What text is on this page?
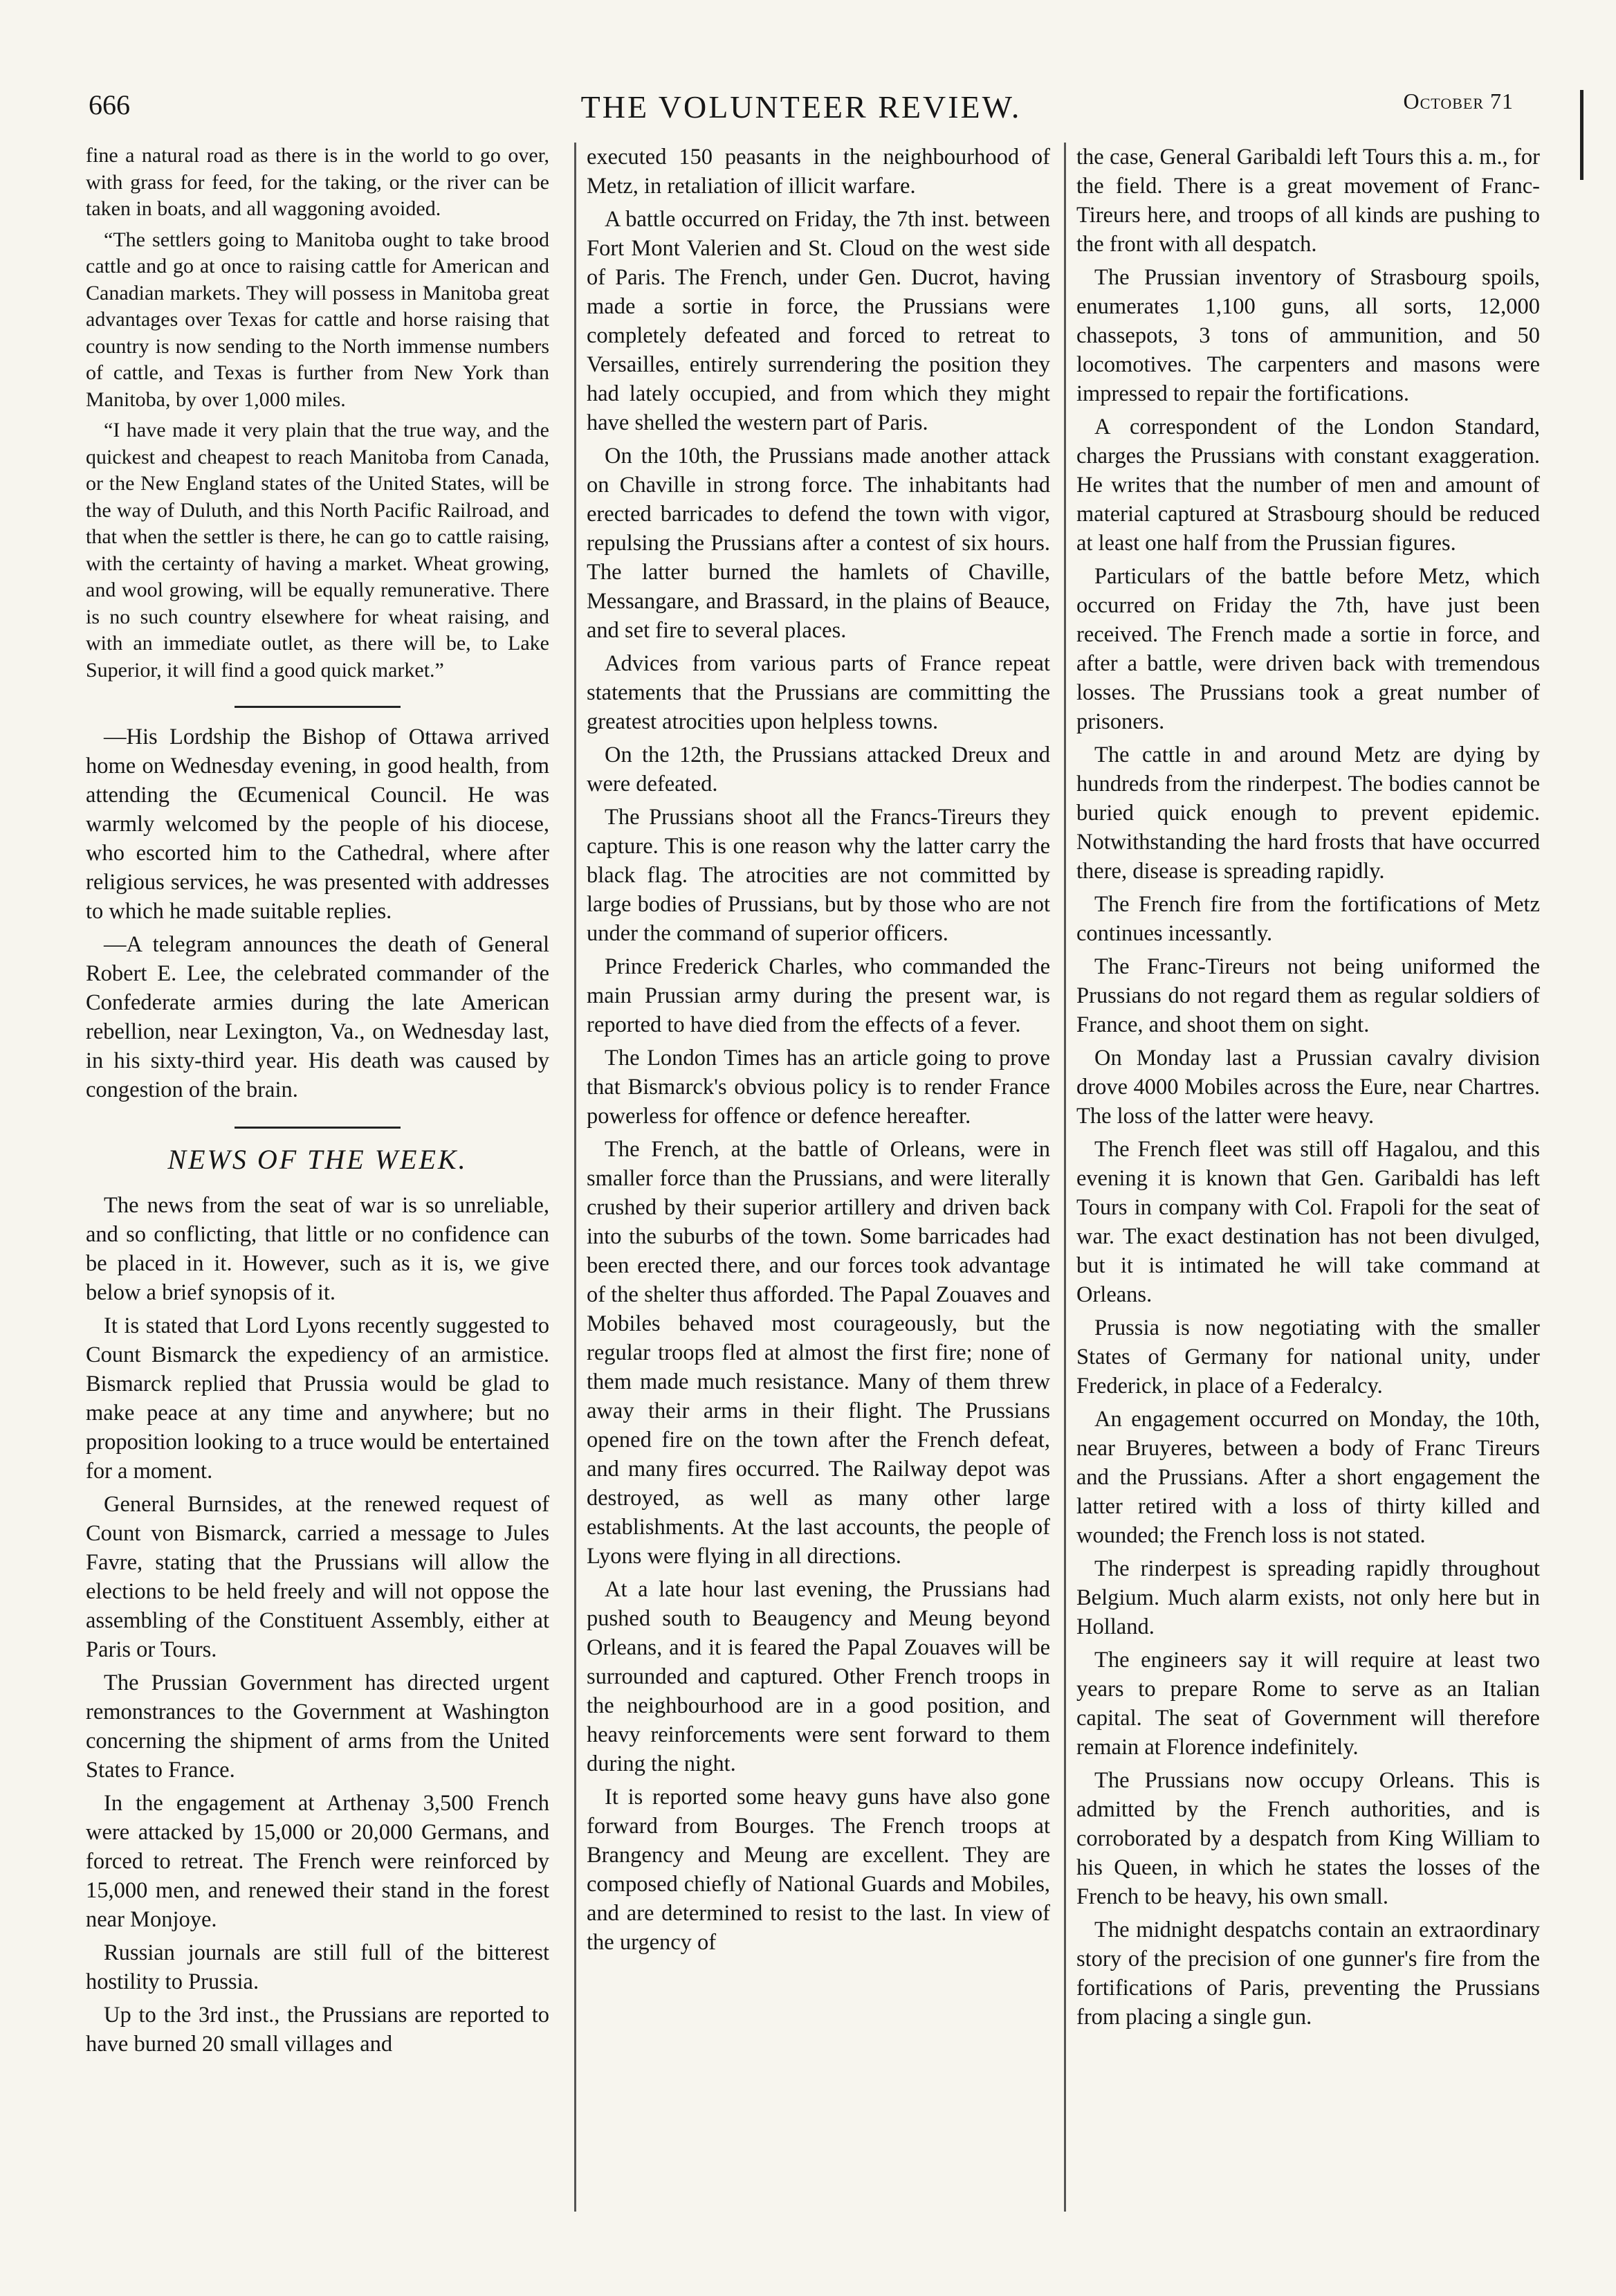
666	THE VOLUNTEER REVIEW.	October 71

fine a natural road as there is in the world to go over, with grass for feed, for the taking, or the river can be taken in boats, and all waggoning avoided.

“The settlers going to Manitoba ought to take brood cattle and go at once to raising cattle for American and Canadian markets. They will possess in Manitoba great advantages over Texas for cattle and horse raising that country is now sending to the North immense numbers of cattle, and Texas is further from New York than Manitoba, by over 1,000 miles.

“I have made it very plain that the true way, and the quickest and cheapest to reach Manitoba from Canada, or the New England states of the United States, will be the way of Duluth, and this North Pacific Railroad, and that when the settler is there, he can go to cattle raising, with the certainty of having a market. Wheat growing, and wool growing, will be equally remunerative. There is no such country elsewhere for wheat raising, and with an immediate outlet, as there will be, to Lake Superior, it will find a good quick market.”

—His Lordship the Bishop of Ottawa arrived home on Wednesday evening, in good health, from attending the Œcumenical Council. He was warmly welcomed by the people of his diocese, who escorted him to the Cathedral, where after religious services, he was presented with addresses to which he made suitable replies.

—A telegram announces the death of General Robert E. Lee, the celebrated commander of the Confederate armies during the late American rebellion, near Lexington, Va., on Wednesday last, in his sixty-third year. His death was caused by congestion of the brain.

NEWS OF THE WEEK.

The news from the seat of war is so unreliable, and so conflicting, that little or no confidence can be placed in it. However, such as it is, we give below a brief synopsis of it.

It is stated that Lord Lyons recently suggested to Count Bismarck the expediency of an armistice. Bismarck replied that Prussia would be glad to make peace at any time and anywhere; but no proposition looking to a truce would be entertained for a moment.

General Burnsides, at the renewed request of Count von Bismarck, carried a message to Jules Favre, stating that the Prussians will allow the elections to be held freely and will not oppose the assembling of the Constituent Assembly, either at Paris or Tours.

The Prussian Government has directed urgent remonstrances to the Government at Washington concerning the shipment of arms from the United States to France.

In the engagement at Arthenay 3,500 French were attacked by 15,000 or 20,000 Germans, and forced to retreat. The French were reinforced by 15,000 men, and renewed their stand in the forest near Monjoye.

Russian journals are still full of the bitterest hostility to Prussia.

Up to the 3rd inst., the Prussians are reported to have burned 20 small villages and

executed 150 peasants in the neighbourhood of Metz, in retaliation of illicit warfare.

A battle occurred on Friday, the 7th inst. between Fort Mont Valerien and St. Cloud on the west side of Paris. The French, under Gen. Ducrot, having made a sortie in force, the Prussians were completely defeated and forced to retreat to Versailles, entirely surrendering the position they had lately occupied, and from which they might have shelled the western part of Paris.

On the 10th, the Prussians made another attack on Chaville in strong force. The inhabitants had erected barricades to defend the town with vigor, repulsing the Prussians after a contest of six hours. The latter burned the hamlets of Chaville, Messangare, and Brassard, in the plains of Beauce, and set fire to several places.

Advices from various parts of France repeat statements that the Prussians are committing the greatest atrocities upon helpless towns.

On the 12th, the Prussians attacked Dreux and were defeated.

The Prussians shoot all the Francs-Tireurs they capture. This is one reason why the latter carry the black flag. The atrocities are not committed by large bodies of Prussians, but by those who are not under the command of superior officers.

Prince Frederick Charles, who commanded the main Prussian army during the present war, is reported to have died from the effects of a fever.

The London Times has an article going to prove that Bismarck's obvious policy is to render France powerless for offence or defence hereafter.

The French, at the battle of Orleans, were in smaller force than the Prussians, and were literally crushed by their superior artillery and driven back into the suburbs of the town. Some barricades had been erected there, and our forces took advantage of the shelter thus afforded. The Papal Zouaves and Mobiles behaved most courageously, but the regular troops fled at almost the first fire; none of them made much resistance. Many of them threw away their arms in their flight. The Prussians opened fire on the town after the French defeat, and many fires occurred. The Railway depot was destroyed, as well as many other large establishments. At the last accounts, the people of Lyons were flying in all directions.

At a late hour last evening, the Prussians had pushed south to Beaugency and Meung beyond Orleans, and it is feared the Papal Zouaves will be surrounded and captured. Other French troops in the neighbourhood are in a good position, and heavy reinforcements were sent forward to them during the night.

It is reported some heavy guns have also gone forward from Bourges. The French troops at Brangency and Meung are excellent. They are composed chiefly of National Guards and Mobiles, and are determined to resist to the last. In view of the urgency of

the case, General Garibaldi left Tours this a. m., for the field. There is a great movement of Franc-Tireurs here, and troops of all kinds are pushing to the front with all despatch.

The Prussian inventory of Strasbourg spoils, enumerates 1,100 guns, all sorts, 12,000 chassepots, 3 tons of ammunition, and 50 locomotives. The carpenters and masons were impressed to repair the fortifications.

A correspondent of the London Standard, charges the Prussians with constant exaggeration. He writes that the number of men and amount of material captured at Strasbourg should be reduced at least one half from the Prussian figures.

Particulars of the battle before Metz, which occurred on Friday the 7th, have just been received. The French made a sortie in force, and after a battle, were driven back with tremendous losses. The Prussians took a great number of prisoners.

The cattle in and around Metz are dying by hundreds from the rinderpest. The bodies cannot be buried quick enough to prevent epidemic. Notwithstanding the hard frosts that have occurred there, disease is spreading rapidly.

The French fire from the fortifications of Metz continues incessantly.

The Franc-Tireurs not being uniformed the Prussians do not regard them as regular soldiers of France, and shoot them on sight.

On Monday last a Prussian cavalry division drove 4000 Mobiles across the Eure, near Chartres. The loss of the latter were heavy.

The French fleet was still off Hagalou, and this evening it is known that Gen. Garibaldi has left Tours in company with Col. Frapoli for the seat of war. The exact destination has not been divulged, but it is intimated he will take command at Orleans.

Prussia is now negotiating with the smaller States of Germany for national unity, under Frederick, in place of a Federalcy.

An engagement occurred on Monday, the 10th, near Bruyeres, between a body of Franc Tireurs and the Prussians. After a short engagement the latter retired with a loss of thirty killed and wounded; the French loss is not stated.

The rinderpest is spreading rapidly throughout Belgium. Much alarm exists, not only here but in Holland.

The engineers say it will require at least two years to prepare Rome to serve as an Italian capital. The seat of Government will therefore remain at Florence indefinitely.

The Prussians now occupy Orleans. This is admitted by the French authorities, and is corroborated by a despatch from King William to his Queen, in which he states the losses of the French to be heavy, his own small.

The midnight despatchs contain an extraordinary story of the precision of one gunner's fire from the fortifications of Paris, preventing the Prussians from placing a single gun.
